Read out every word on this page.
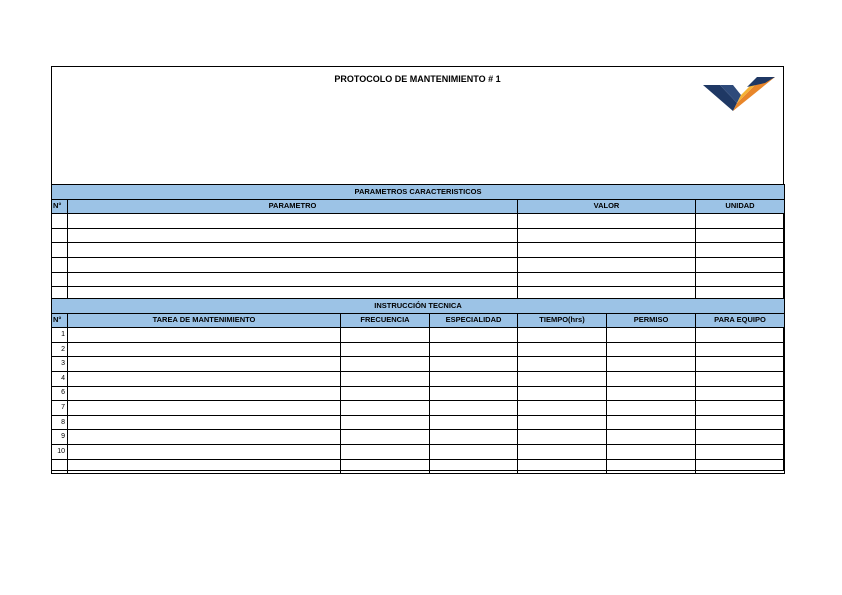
PROTOCOLO DE MANTENIMIENTO # 1
PARAMETROS CARACTERISTICOS			
N°	PARAMETRO	VALOR	UNIDAD

INSTRUCCIÓN TECNICA						
N°	TAREA DE MANTENIMIENTO	FRECUENCIA	ESPECIALIDAD	TIEMPO(hrs)	PERMISO	PARA EQUIPO
1						
2						
3						
4						
6						
7						
8						
9						
10						
